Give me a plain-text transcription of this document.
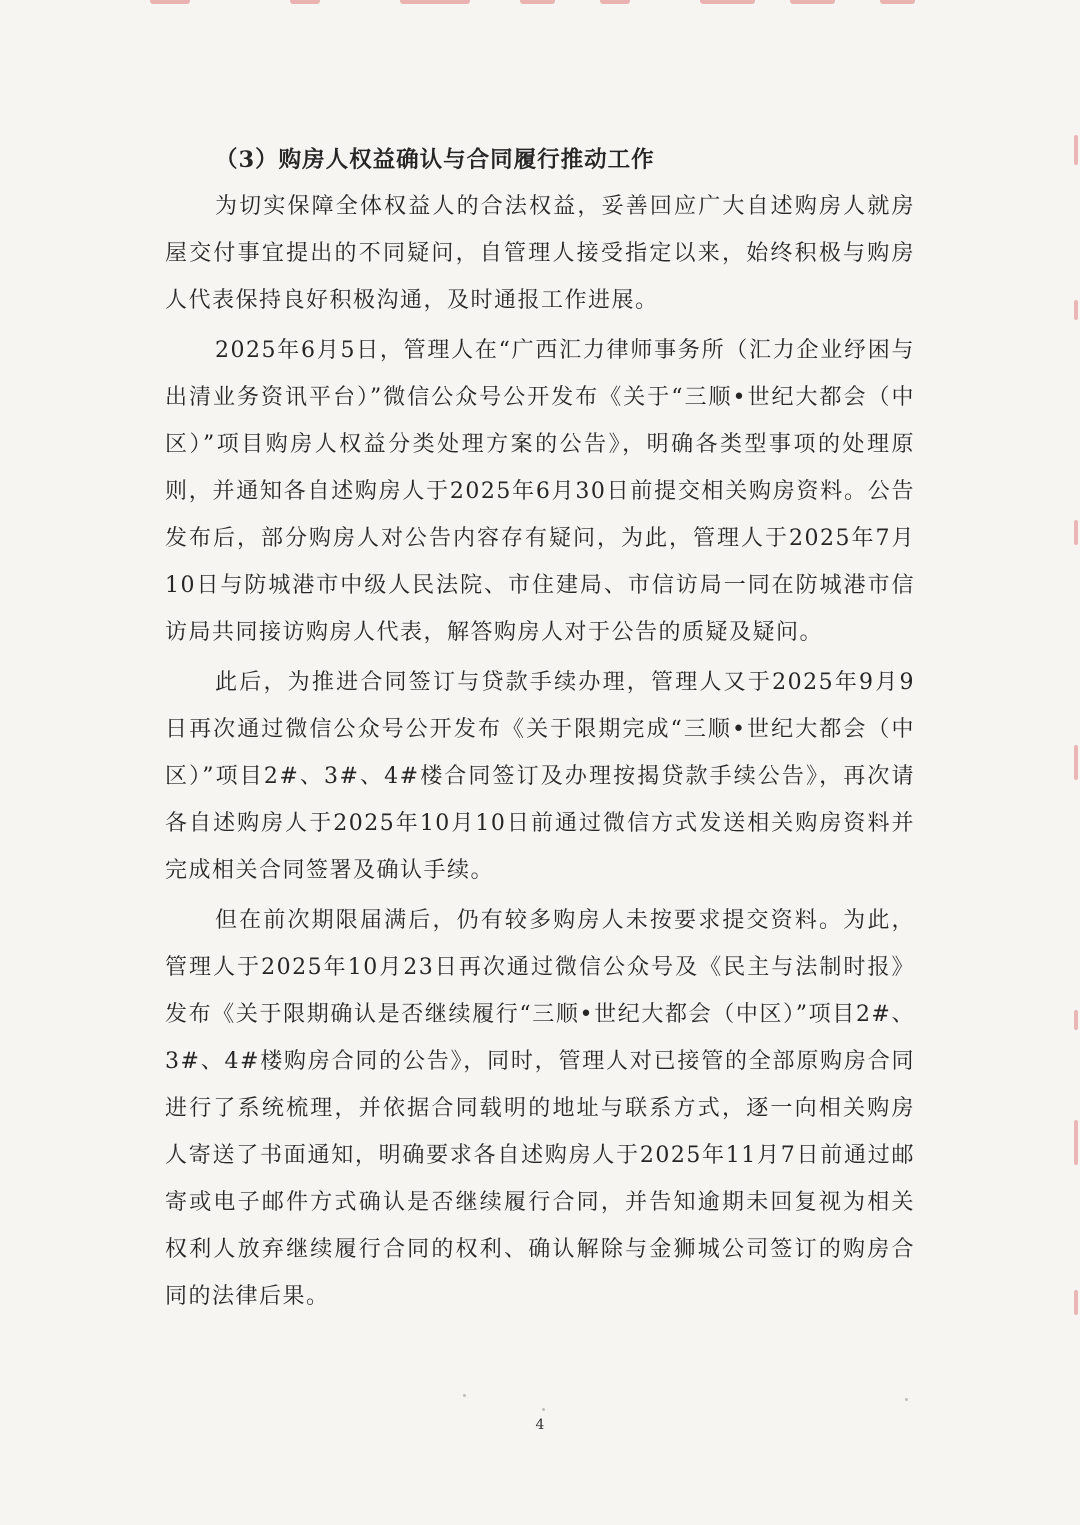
（3）购房人权益确认与合同履行推动工作

为切实保障全体权益人的合法权益，妥善回应广大自述购房人就房屋交付事宜提出的不同疑问，自管理人接受指定以来，始终积极与购房人代表保持良好积极沟通，及时通报工作进展。

2025年6月5日，管理人在“广西汇力律师事务所（汇力企业纾困与出清业务资讯平台）”微信公众号公开发布《关于“三顺•世纪大都会（中区）”项目购房人权益分类处理方案的公告》，明确各类型事项的处理原则，并通知各自述购房人于2025年6月30日前提交相关购房资料。公告发布后，部分购房人对公告内容存有疑问，为此，管理人于2025年7月10日与防城港市中级人民法院、市住建局、市信访局一同在防城港市信访局共同接访购房人代表，解答购房人对于公告的质疑及疑问。

此后，为推进合同签订与贷款手续办理，管理人又于2025年9月9日再次通过微信公众号公开发布《关于限期完成“三顺•世纪大都会（中区）”项目2#、3#、4#楼合同签订及办理按揭贷款手续公告》，再次请各自述购房人于2025年10月10日前通过微信方式发送相关购房资料并完成相关合同签署及确认手续。

但在前次期限届满后，仍有较多购房人未按要求提交资料。为此，管理人于2025年10月23日再次通过微信公众号及《民主与法制时报》发布《关于限期确认是否继续履行“三顺•世纪大都会（中区）”项目2#、3#、4#楼购房合同的公告》，同时，管理人对已接管的全部原购房合同进行了系统梳理，并依据合同载明的地址与联系方式，逐一向相关购房人寄送了书面通知，明确要求各自述购房人于2025年11月7日前通过邮寄或电子邮件方式确认是否继续履行合同，并告知逾期未回复视为相关权利人放弃继续履行合同的权利、确认解除与金狮城公司签订的购房合同的法律后果。

4
